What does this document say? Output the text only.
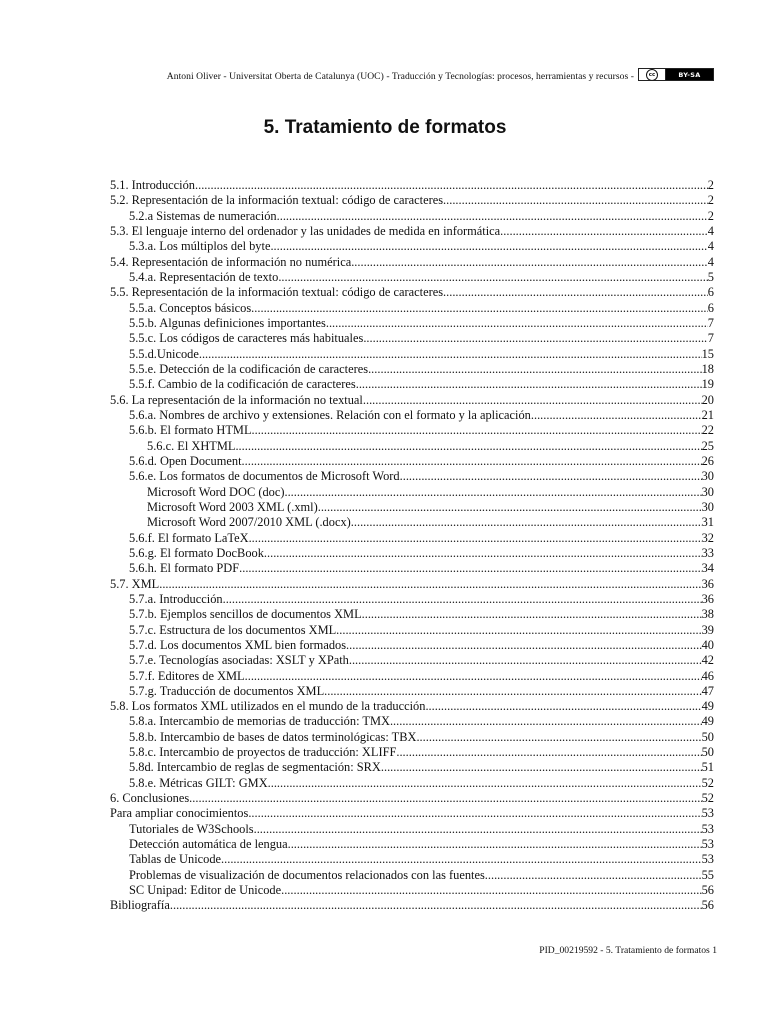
Antoni Oliver - Universitat Oberta de Catalunya (UOC) - Traducción y Tecnologías: procesos, herramientas y recursos -	cc	BY-SA
5. Tratamiento de formatos
5.1. Introducción .....	2
5.2. Representación de la información textual: código de caracteres .....	2
5.2.a Sistemas de numeración .....	2
5.3. El lenguaje interno del ordenador y las unidades de medida en informática .....	4
5.3.a. Los múltiplos del byte .....	4
5.4. Representación de información no numérica .....	4
5.4.a. Representación de texto .....	5
5.5. Representación de la información textual: código de caracteres .....	6
5.5.a. Conceptos básicos .....	6
5.5.b. Algunas definiciones importantes .....	7
5.5.c. Los códigos de caracteres más habituales .....	7
5.5.d.Unicode .....	15
5.5.e. Detección de la codificación de caracteres .....	18
5.5.f. Cambio de la codificación de caracteres .....	19
5.6. La representación de la información no textual .....	20
5.6.a. Nombres de archivo y extensiones. Relación con el formato y la aplicación .....	21
5.6.b. El formato HTML .....	22
5.6.c. El XHTML .....	25
5.6.d. Open Document .....	26
5.6.e. Los formatos de documentos de Microsoft Word .....	30
Microsoft Word DOC (doc) .....	30
Microsoft Word 2003 XML (.xml) .....	30
Microsoft Word 2007/2010 XML (.docx) .....	31
5.6.f. El formato LaTeX .....	32
5.6.g. El formato DocBook .....	33
5.6.h. El formato PDF .....	34
5.7. XML .....	36
5.7.a. Introducción .....	36
5.7.b. Ejemplos sencillos de documentos XML .....	38
5.7.c. Estructura de los documentos XML .....	39
5.7.d. Los documentos XML bien formados .....	40
5.7.e. Tecnologías asociadas: XSLT y XPath .....	42
5.7.f. Editores de XML .....	46
5.7.g. Traducción de documentos XML .....	47
5.8. Los formatos XML utilizados en el mundo de la traducción .....	49
5.8.a. Intercambio de memorias de traducción: TMX .....	49
5.8.b. Intercambio de bases de datos terminológicas: TBX .....	50
5.8.c. Intercambio de proyectos de traducción: XLIFF .....	50
5.8d. Intercambio de reglas de segmentación: SRX .....	51
5.8.e. Métricas GILT: GMX .....	52
6. Conclusiones .....	52
Para ampliar conocimientos .....	53
Tutoriales de W3Schools .....	53
Detección automática de lengua .....	53
Tablas de Unicode .....	53
Problemas de visualización de documentos relacionados con las fuentes .....	55
SC Unipad: Editor de Unicode .....	56
Bibliografía .....	56
PID_00219592 - 5. Tratamiento de formatos 1
